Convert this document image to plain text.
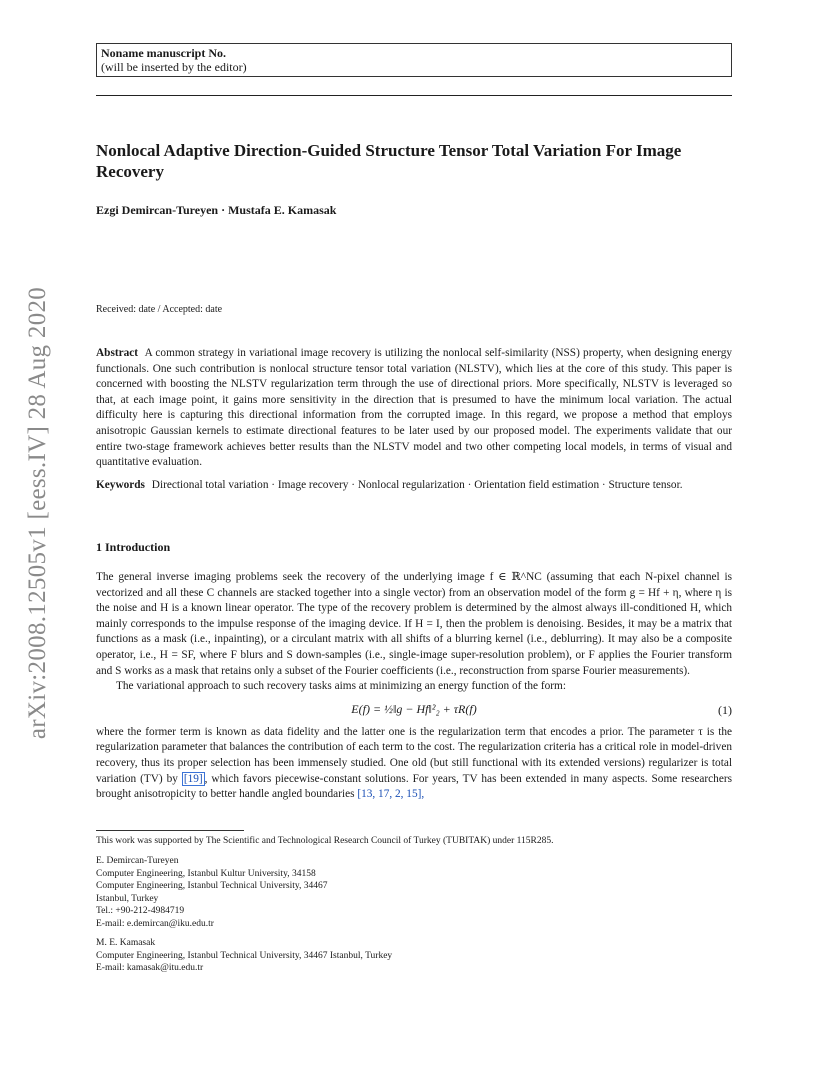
arXiv:2008.12505v1 [eess.IV] 28 Aug 2020
Noname manuscript No.
(will be inserted by the editor)
Nonlocal Adaptive Direction-Guided Structure Tensor Total Variation For Image Recovery
Ezgi Demircan-Tureyen · Mustafa E. Kamasak
Received: date / Accepted: date
Abstract A common strategy in variational image recovery is utilizing the nonlocal self-similarity (NSS) property, when designing energy functionals. One such contribution is nonlocal structure tensor total variation (NLSTV), which lies at the core of this study. This paper is concerned with boosting the NLSTV regularization term through the use of directional priors. More specifically, NLSTV is leveraged so that, at each image point, it gains more sensitivity in the direction that is presumed to have the minimum local variation. The actual difficulty here is capturing this directional information from the corrupted image. In this regard, we propose a method that employs anisotropic Gaussian kernels to estimate directional features to be later used by our proposed model. The experiments validate that our entire two-stage framework achieves better results than the NLSTV model and two other competing local models, in terms of visual and quantitative evaluation.
Keywords Directional total variation · Image recovery · Nonlocal regularization · Orientation field estimation · Structure tensor.
1 Introduction

The general inverse imaging problems seek the recovery of the underlying image f ∈ ℝ^NC (assuming that each N-pixel channel is vectorized and all these C channels are stacked together into a single vector) from an observation model of the form g = Hf + η, where η is the noise and H is a known linear operator. The type of the recovery problem is determined by the almost always ill-conditioned H, which mainly corresponds to the impulse response of the imaging device. If H = I, then the problem is denoising. Besides, it may be a matrix that functions as a mask (i.e., inpainting), or a circulant matrix with all shifts of a blurring kernel (i.e., deblurring). It may also be a composite operator, i.e., H = SF, where F blurs and S down-samples (i.e., single-image super-resolution problem), or F applies the Fourier transform and S works as a mask that retains only a subset of the Fourier coefficients (i.e., reconstruction from sparse Fourier measurements).

The variational approach to such recovery tasks aims at minimizing an energy function of the form:

E(f) = ½‖g − Hf‖²₂ + τR(f)	(1)

where the former term is known as data fidelity and the latter one is the regularization term that encodes a prior. The parameter τ is the regularization parameter that balances the contribution of each term to the cost. The regularization criteria has a critical role in model-driven recovery, thus its proper selection has been immensely studied. One old (but still functional with its extended versions) regularizer is total variation (TV) by [19] , which favors piecewise-constant solutions. For years, TV has been extended in many aspects. Some researchers brought anisotropicity to better handle angled boundaries [13, 17, 2, 15],

This work was supported by The Scientific and Technological Research Council of Turkey (TUBITAK) under 115R285.
E. Demircan-Tureyen
Computer Engineering, Istanbul Kultur University, 34158
Computer Engineering, Istanbul Technical University, 34467
Istanbul, Turkey
Tel.: +90-212-4984719
E-mail: e.demircan@iku.edu.tr
M. E. Kamasak
Computer Engineering, Istanbul Technical University, 34467 Istanbul, Turkey
E-mail: kamasak@itu.edu.tr
